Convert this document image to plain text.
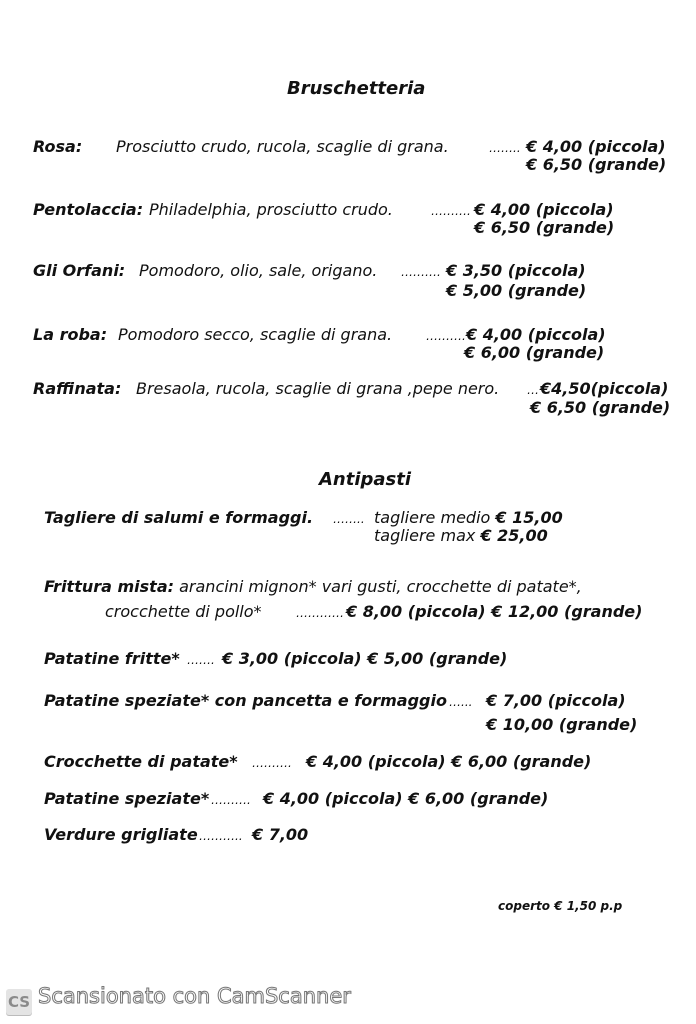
Bruschetteria
Rosa: Prosciutto crudo, rucola, scaglie di grana.	…….. € 4,00 (piccola)
€ 6,50 (grande)
Pentolaccia: Philadelphia, prosciutto crudo.	………. € 4,00 (piccola)
€ 6,50 (grande)
Gli Orfani: Pomodoro, olio, sale, origano. ………. € 3,50 (piccola)
€ 5,00 (grande)
La roba: Pomodoro secco, scaglie di grana.	………. € 4,00 (piccola)
€ 6,00 (grande)
Raffinata: Bresaola, rucola, scaglie di grana ,pepe nero. … €4,50(piccola)
€ 6,50 (grande)
Antipasti
Tagliere di salumi e formaggi. …….. tagliere medio € 15,00
tagliere max € 25,00
Frittura mista: arancini mignon* vari gusti, crocchette di patate*,
crocchette di pollo*	………… € 8,00 (piccola) € 12,00 (grande)
Patatine fritte* ……. € 3,00 (piccola) € 5,00 (grande)
Patatine speziate* con pancetta e formaggio …... € 7,00 (piccola)
€ 10,00 (grande)
Crocchette di patate* ………. € 4,00 (piccola) € 6,00 (grande)
Patatine speziate* ………. € 4,00 (piccola) € 6,00 (grande)
Verdure grigliate ……….. € 7,00
coperto € 1,50 p.p
CS Scansionato con CamScanner
